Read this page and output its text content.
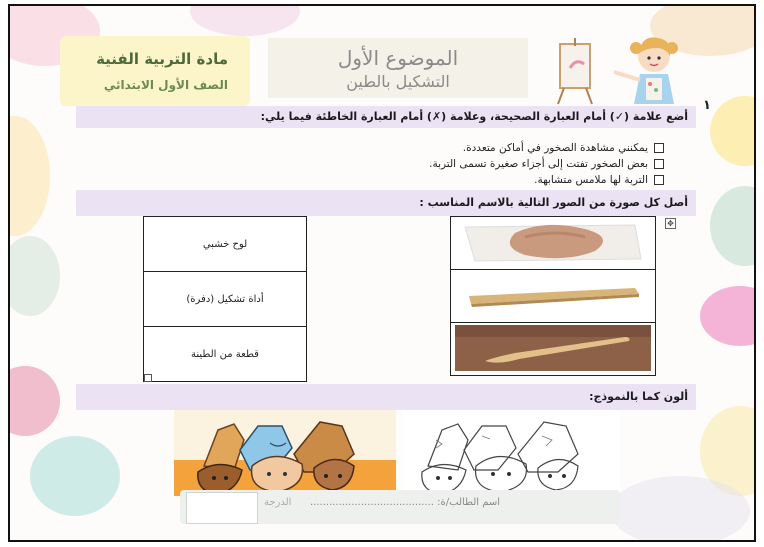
مادة التربية الفنية
الصف الأول الابتدائي
الموضوع الأول
التشكيل بالطين
١
أضع علامة (✓) أمام العبارة الصحيحة، وعلامة (✗) أمام العبارة الخاطئة فيما يلي:
يمكنني مشاهدة الصخور في أماكن متعددة.
بعض الصخور تفتت إلى أجزاء صغيرة تسمى التربة.
التربة لها ملامس متشابهة.
أصل كل صورة من الصور التالية بالاسم المناسب :
✥
لوح خشبي
أداة تشكيل (دفرة)
قطعة من الطينة

ألون كما بالنموذج:
الدرجة اسم الطالب/ة: .......................................
